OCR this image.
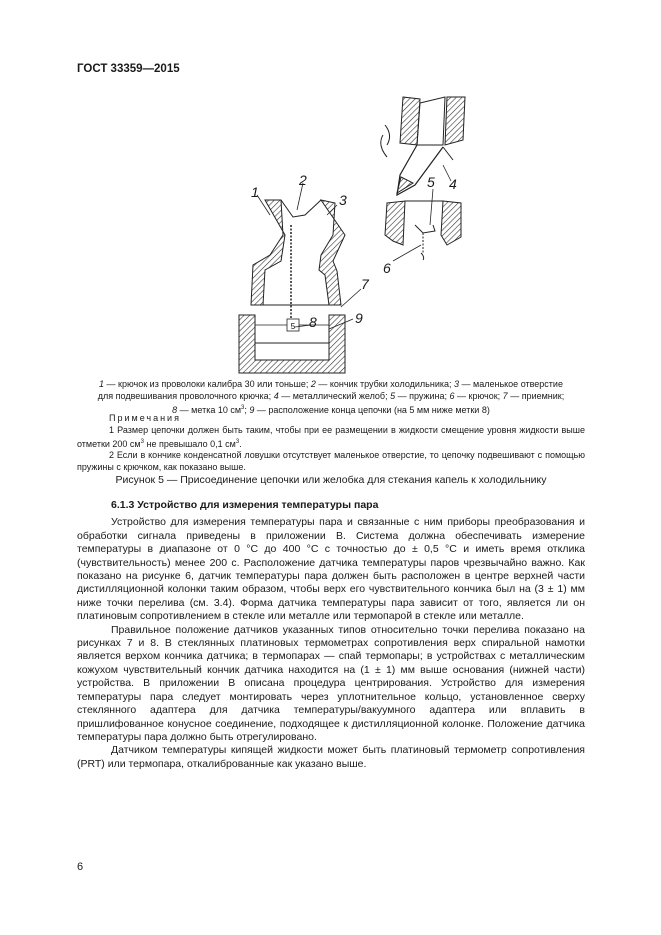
ГОСТ 33359—2015
5
1
2
3
4
5
6
7
8	9
1 — крючок из проволоки калибра 30 или тоньше; 2 — кончик трубки холодильника; 3 — маленькое отверстие
для подвешивания проволочного крючка; 4 — металлический желоб; 5 — пружина; 6 — крючок; 7 — приемник;
8 — метка 10 $см^3$; 9 — расположение конца цепочки (на 5 мм ниже метки 8)
Примечания

1 Размер цепочки должен быть таким, чтобы при ее размещении в жидкости смещение уровня жидкости выше отметки 200 $см^3$ не превышало 0,1 $см^3$.

2 Если в кончике конденсатной ловушки отсутствует маленькое отверстие, то цепочку подвешивают с помощью пружины с крючком, как показано выше.

Рисунок 5 — Присоединение цепочки или желобка для стекания капель к холодильнику
6.1.3 Устройство для измерения температуры пара

Устройство для измерения температуры пара и связанные с ним приборы преобразования и обработки сигнала приведены в приложении В. Система должна обеспечивать измерение температуры в диапазоне от 0 °С до 400 °С с точностью до ± 0,5 °С и иметь время отклика (чувствительность) менее 200 с. Расположение датчика температуры паров чрезвычайно важно. Как показано на рисунке 6, датчик температуры пара должен быть расположен в центре верхней части дистилляционной колонки таким образом, чтобы верх его чувствительного кончика был на (3 ± 1) мм ниже точки перелива (см. 3.4). Форма датчика температуры пара зависит от того, является ли он платиновым сопротивлением в стекле или металле или термопарой в стекле или металле.

Правильное положение датчиков указанных типов относительно точки перелива показано на рисунках 7 и 8. В стеклянных платиновых термометрах сопротивления верх спиральной намотки является верхом кончика датчика; в термопарах — спай термопары; в устройствах с металлическим кожухом чувствительный кончик датчика находится на (1 ± 1) мм выше основания (нижней части) устройства. В приложении В описана процедура центрирования. Устройство для измерения температуры пара следует монтировать через уплотнительное кольцо, установленное сверху стеклянного адаптера для датчика температуры/вакуумного адаптера или вплавить в пришлифованное конусное соединение, подходящее к дистилляционной колонке. Положение датчика температуры пара должно быть отрегулировано.

Датчиком температуры кипящей жидкости может быть платиновый термометр сопротивления (PRT) или термопара, откалиброванные как указано выше.

6
